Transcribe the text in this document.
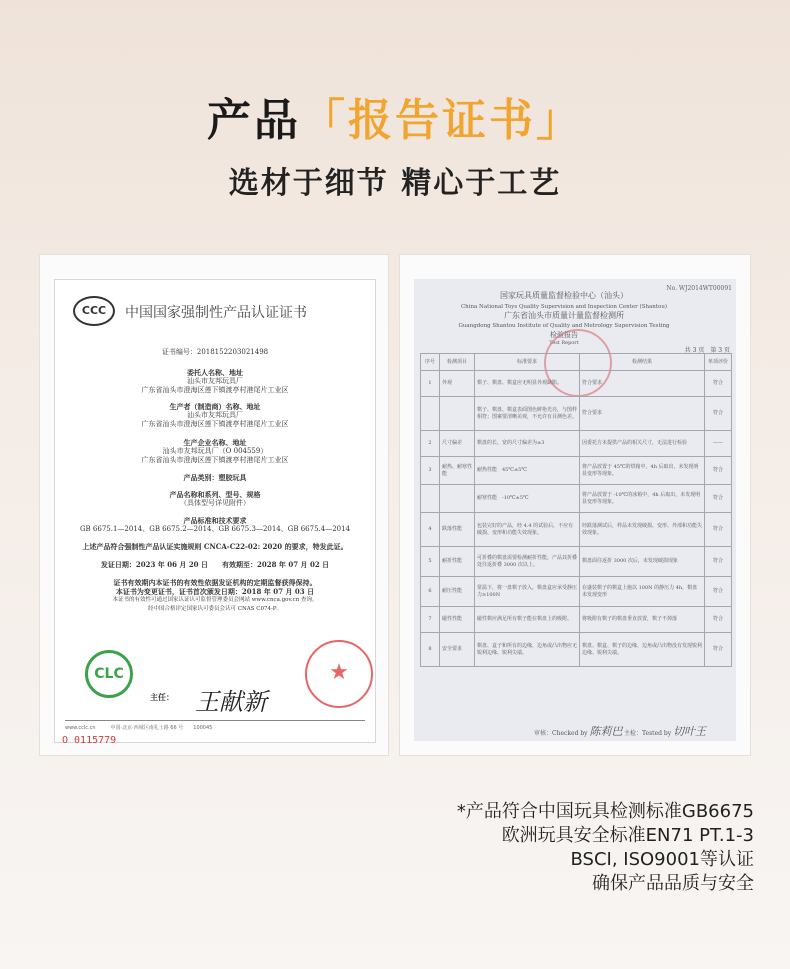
产品「报告证书」
选材于细节 精心于工艺
CCC	中国国家强制性产品认证证书
证书编号：2018152203021498
委托人名称、地址
汕头市友邦玩具厂
广东省汕头市澄海区莲下镇渡亭村港尾片工业区
生产者（制造商）名称、地址
汕头市友邦玩具厂
广东省汕头市澄海区莲下镇渡亭村港尾片工业区
生产企业名称、地址
汕头市友邦玩具厂（O 004559）
广东省汕头市澄海区莲下镇渡亭村港尾片工业区
产品类别：塑胶玩具
产品名称和系列、型号、规格
（具体型号详见附件）
产品标准和技术要求
GB 6675.1—2014、GB 6675.2—2014、GB 6675.3—2014、GB 6675.4—2014
上述产品符合强制性产品认证实施规则 CNCA-C22-02: 2020 的要求，特发此证。
发证日期：2023 年 06 月 20 日　　有效期至：2028 年 07 月 02 日
证书有效期内本证书的有效性依据发证机构的定期监督获得保持。
本证书为变更证书，证书首次颁发日期：2018 年 07 月 03 日
本证书的有效性可通过国家认证认可监督管理委员会网站 www.cnca.gov.cn 查询。
经中国合格评定国家认可委员会认可 CNAS C074-P。
CLC	★
主任： 王献新
www.cclc.cn　　　中国·北京·西城区南礼士路 66 号　　100045
O 0115779
No. WJ2014WT00091
国家玩具质量监督检验中心（汕头）
China National Toys Quality Supervision and Inspection Center (Shantou)
广东省汕头市质量计量监督检测所
Guangdong Shantou Institute of Quality and Metrology Supervision Testing
检验报告
Test Report
共 3 页　第 3 页
序号	检测项目	标准要求	检测结果	单项评价
1	外观	棋子、棋盘、棋盒应无明显外观缺陷。	符合要求	符合
		棋子、棋盘、棋盒表面图色鲜艳光亮，与图样相符；图案要清晰美观，不允许有目测色差。	符合要求	符合
2	尺寸偏差	棋盘的长、宽的尺寸偏差为±3	因委托方未提供产品的相关尺寸，无法进行检验	——
3	耐热、耐寒性能	耐热性能　45℃±5℃	将产品放置于 45℃的烘箱中，4h 后取出，未发现明显变形等现象。	符合
		耐寒性能　-10℃±5℃	将产品放置于 -10℃的冰箱中，4h 后取出，未发现明显变形等现象。	符合
4	跌落性能	包装完好的产品，经 4.4 的试验后，不应有破损、变形和功能失效现象。	经跌落测试后，样品未发现破损、变形、外部和功能失效现象。	符合
5	耐折性能	可折叠的棋盘需要检测耐折性能，产品其折叠处往返折叠 3000 次以上。	棋盘面往返折 3000 次后，未发现破损现象	符合
6	耐压性能	常温下，将一盘棋子放入，棋盘盒应承受静压力≥100N	在盛装棋子的棋盒上施以 100N 的静压力 4h，棋盘未发现变形	符合
7	磁性性能	磁性棋应满足所有棋子能在棋盘上的吸附。	将吸附有棋子的棋盘垂直放置，棋子不掉落	符合
8	安全要求	棋盘、盒子和所有的边缘，边角或凸出物应无锐利边缘、锐利尖端。	棋盘、棋盒、棋子的边缘、边角或凸出物没有发现锐利边缘、锐利尖端。	符合
审核：Checked by 陈莉巴 主检：Tested by 切叶王
*产品符合中国玩具检测标准GB6675
欧洲玩具安全标准EN71 PT.1-3
BSCI, ISO9001等认证
确保产品品质与安全
